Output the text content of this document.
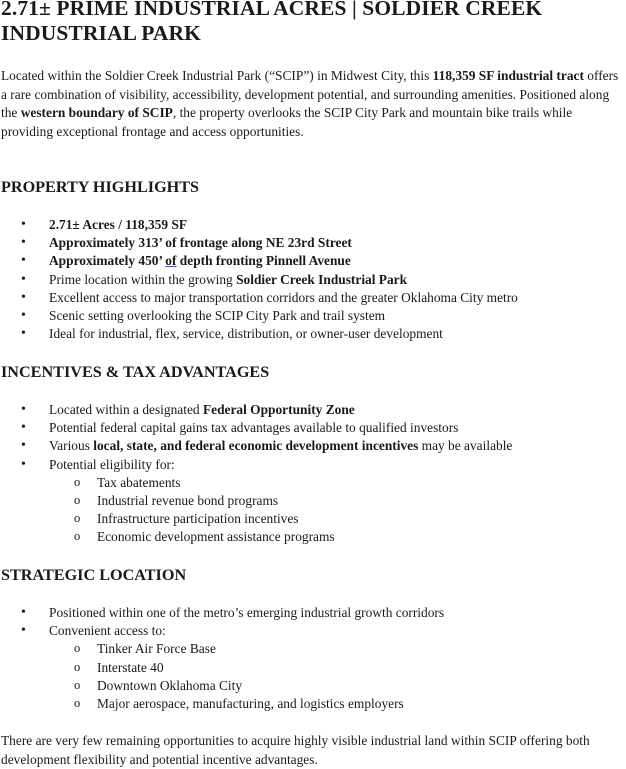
2.71± PRIME INDUSTRIAL ACRES | SOLDIER CREEK INDUSTRIAL PARK

Located within the Soldier Creek Industrial Park (“SCIP”) in Midwest City, this 118,359 SF industrial tract offers a rare combination of visibility, accessibility, development potential, and surrounding amenities. Positioned along the western boundary of SCIP, the property overlooks the SCIP City Park and mountain bike trails while providing exceptional frontage and access opportunities.

PROPERTY HIGHLIGHTS
• 2.71± Acres / 118,359 SF
• Approximately 313’ of frontage along NE 23rd Street
• Approximately 450’ of depth fronting Pinnell Avenue
• Prime location within the growing Soldier Creek Industrial Park
• Excellent access to major transportation corridors and the greater Oklahoma City metro
• Scenic setting overlooking the SCIP City Park and trail system
• Ideal for industrial, flex, service, distribution, or owner-user development
INCENTIVES & TAX ADVANTAGES
• Located within a designated Federal Opportunity Zone
• Potential federal capital gains tax advantages available to qualified investors
• Various local, state, and federal economic development incentives may be available
• Potential eligibility for:
o Tax abatements
o Industrial revenue bond programs
o Infrastructure participation incentives
o Economic development assistance programs
STRATEGIC LOCATION
• Positioned within one of the metro’s emerging industrial growth corridors
• Convenient access to:
o Tinker Air Force Base
o Interstate 40
o Downtown Oklahoma City
o Major aerospace, manufacturing, and logistics employers

There are very few remaining opportunities to acquire highly visible industrial land within SCIP offering both development flexibility and potential incentive advantages.
